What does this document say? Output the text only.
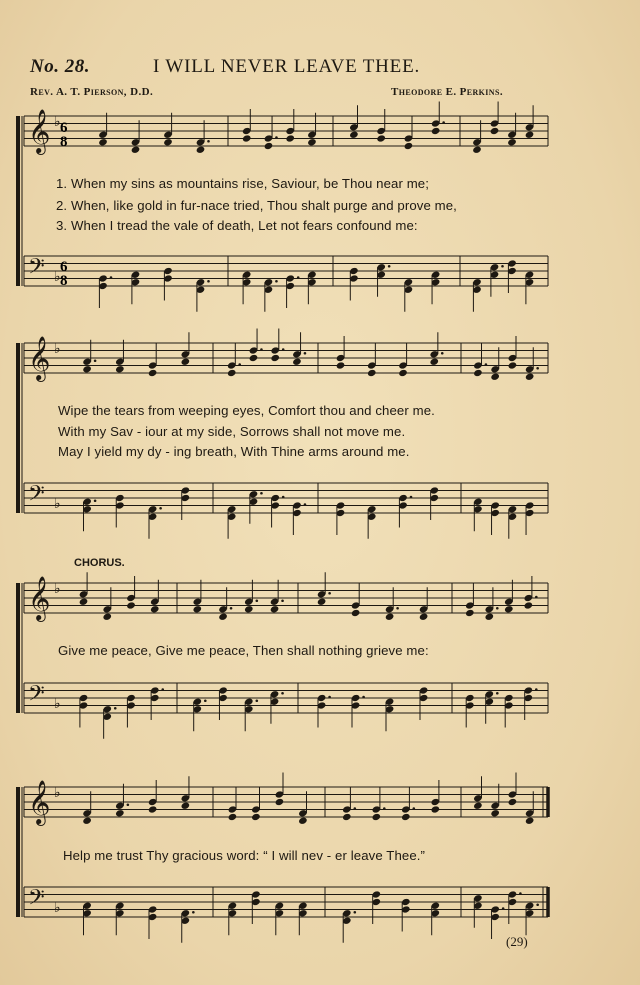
No. 28.	I WILL NEVER LEAVE THEE.
Rev. A. T. Pierson, D.D.	Theodore E. Perkins.
𝄞 ♭
𝄢 ♭
𝄞 ♭
𝄢 ♭
𝄞 ♭
𝄢 ♭
𝄞 ♭
𝄢 ♭
6
8
6
8
1. When my sins as mountains rise, Saviour, be Thou near me;
2. When, like gold in fur-nace tried, Thou shalt purge and prove me,
3. When I tread the vale of death, Let not fears confound me:
Wipe the tears from weeping eyes, Comfort thou and cheer me.
With my Sav - iour at my side, Sorrows shall not move me.
May I yield my dy - ing breath, With Thine arms around me.
CHORUS.
Give me peace, Give me peace, Then shall nothing grieve me:
Help me trust Thy gracious word: “ I will nev - er leave Thee.”
(29)
